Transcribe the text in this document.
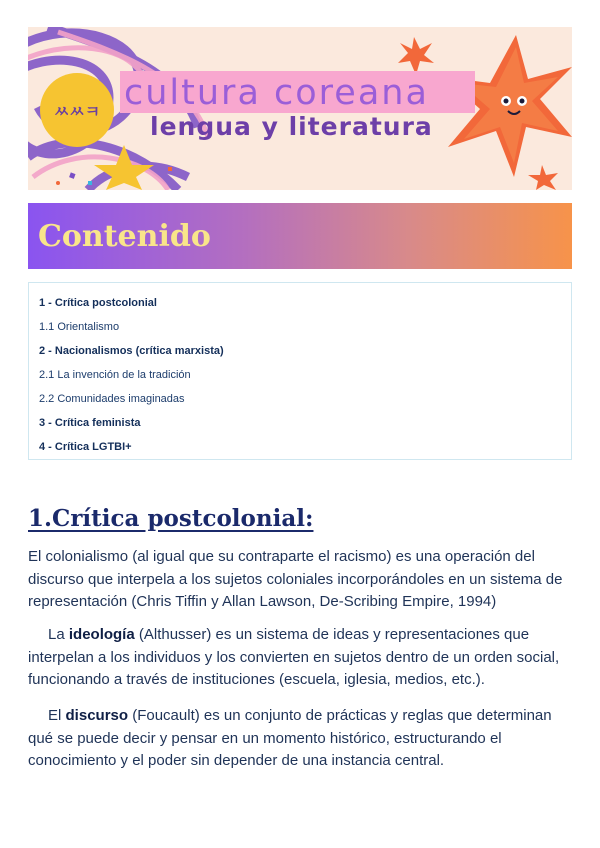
ㅆㅆㅋ cultura coreana
lengua y literatura
Contenido
1 - Crítica postcolonial
1.1 Orientalismo
2 - Nacionalismos (crítica marxista)
2.1 La invención de la tradición
2.2 Comunidades imaginadas
3 - Crítica feminista
4 - Crítica LGTBI+
1.Crítica postcolonial:

El colonialismo (al igual que su contraparte el racismo) es una operación del discurso que interpela a los sujetos coloniales incorporándoles en un sistema de representación (Chris Tiffin y Allan Lawson, De-Scribing Empire, 1994)

La ideología (Althusser) es un sistema de ideas y representaciones que interpelan a los individuos y los convierten en sujetos dentro de un orden social, funcionando a través de instituciones (escuela, iglesia, medios, etc.).

El discurso (Foucault) es un conjunto de prácticas y reglas que determinan qué se puede decir y pensar en un momento histórico, estructurando el conocimiento y el poder sin depender de una instancia central.
